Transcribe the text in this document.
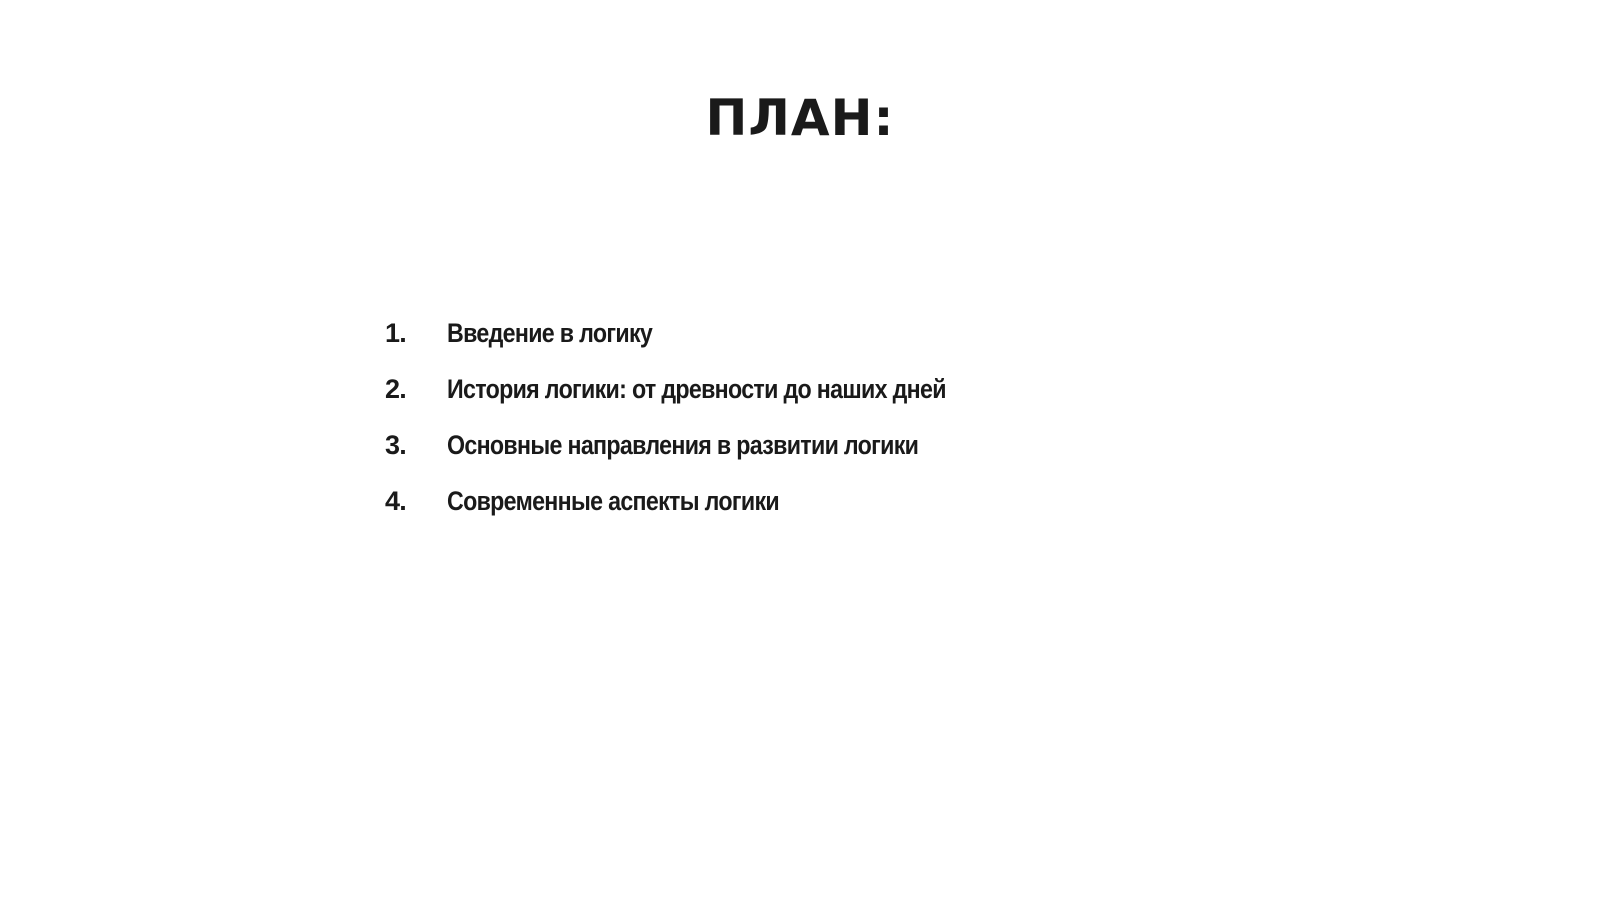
ПЛАН:
1.	Введение в логику
2.	История логики: от древности до наших дней
3.	Основные направления в развитии логики
4.	Современные аспекты логики
